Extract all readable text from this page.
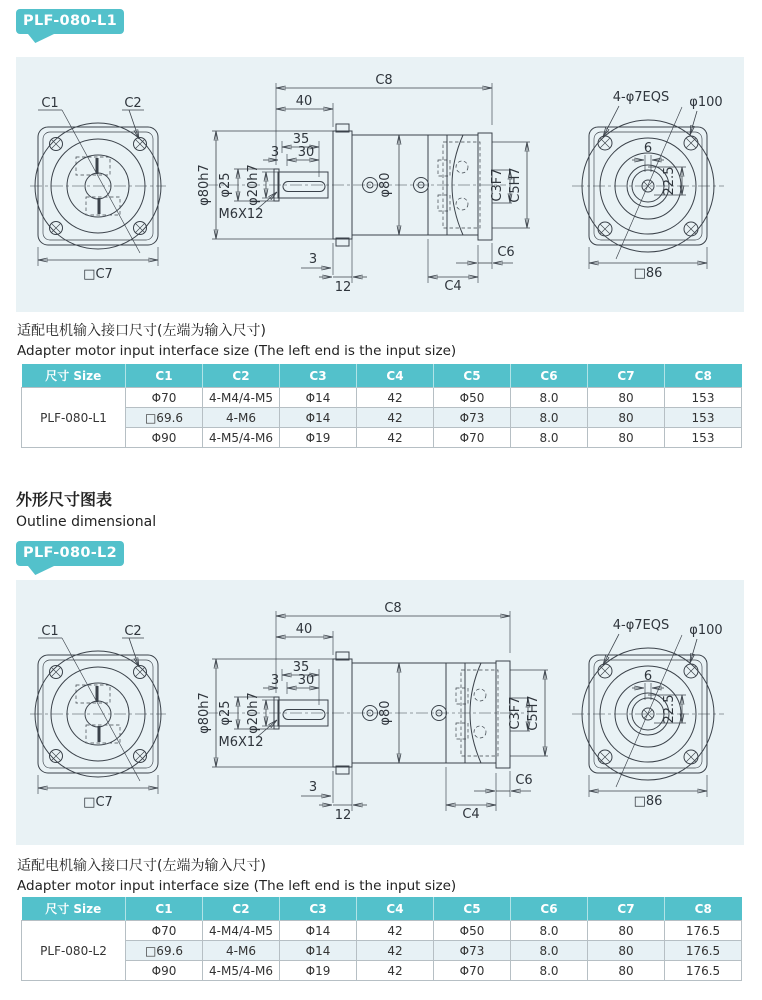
PLF-080-L1
C1	C2
□C7
C8
40
35
30
3
φ80h7 φ25 φ20h7
M6X12
φ80	C3F7 C5H7
3
12	C4
C6
6
22.5
4-φ7EQS φ100
□86
适配电机输入接口尺寸(左端为输入尺寸)
Adapter motor input interface size (The left end is the input size)
尺寸 Size	C1	C2	C3	C4	C5	C6	C7	C8
PLF-080-L1	Φ70	4-M4/4-M5	Φ14	42	Φ50	8.0	80	153
	□69.6	4-M6	Φ14	42	Φ73	8.0	80	153
	Φ90	4-M5/4-M6	Φ19	42	Φ70	8.0	80	153
外形尺寸图表
Outline dimensional
PLF-080-L2
C1	C2
□C7
C8
40
35
30
3
φ80h7 φ25 φ20h7
M6X12
φ80	C3F7 C5H7
3
12	C4
C6
6
22.5
4-φ7EQS φ100
□86
适配电机输入接口尺寸(左端为输入尺寸)
Adapter motor input interface size (The left end is the input size)
尺寸 Size	C1	C2	C3	C4	C5	C6	C7	C8
PLF-080-L2	Φ70	4-M4/4-M5	Φ14	42	Φ50	8.0	80	176.5
	□69.6	4-M6	Φ14	42	Φ73	8.0	80	176.5
	Φ90	4-M5/4-M6	Φ19	42	Φ70	8.0	80	176.5
